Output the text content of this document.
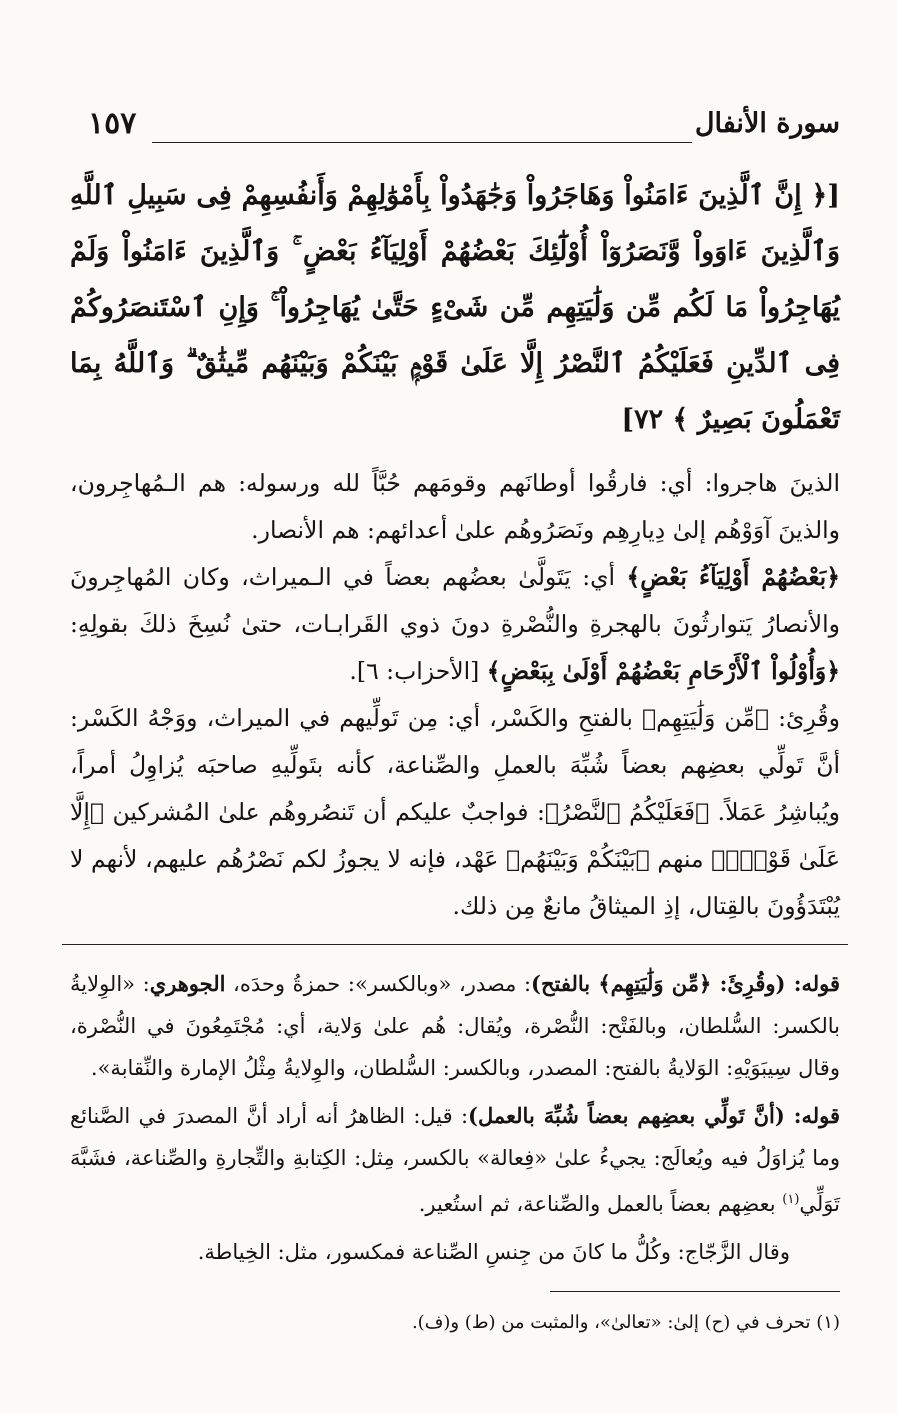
سورة الأنفال
١٥٧
[﴿ إِنَّ ٱلَّذِينَ ءَامَنُواْ وَهَاجَرُواْ وَجَٰهَدُواْ بِأَمْوَٰلِهِمْ وَأَنفُسِهِمْ فِى سَبِيلِ ٱللَّهِ وَٱلَّذِينَ ءَاوَواْ وَّنَصَرُوٓاْ أُوْلَٰٓئِكَ بَعْضُهُمْ أَوْلِيَآءُ بَعْضٍ ۚ وَٱلَّذِينَ ءَامَنُواْ وَلَمْ يُهَاجِرُواْ مَا لَكُم مِّن وَلَٰيَتِهِم مِّن شَىْءٍ حَتَّىٰ يُهَاجِرُواْ ۚ وَإِنِ ٱسْتَنصَرُوكُمْ فِى ٱلدِّينِ فَعَلَيْكُمُ ٱلنَّصْرُ إِلَّا عَلَىٰ قَوْمٍۭ بَيْنَكُمْ وَبَيْنَهُم مِّيثَٰقٌ ۗ وَٱللَّهُ بِمَا تَعْمَلُونَ بَصِيرٌ ﴾ ٧٢]

الذينَ هاجروا: أي: فارقُوا أوطانَهم وقومَهم حُبَّاً لله ورسوله: هم الـمُهاجِرون، والذينَ آوَوْهُم إلىٰ دِيارِهِم ونَصَرُوهُم علىٰ أعدائهم: هم الأنصار.

﴿بَعْضُهُمْ أَوْلِيَآءُ بَعْضٍ﴾ أي: يَتَولَّىٰ بعضُهم بعضاً في الـميراث، وكان المُهاجِرونَ والأنصارُ يَتوارثُونَ بالهجرةِ والنُّصْرةِ دونَ ذوي القَرابـات، حتىٰ نُسِخَ ذلكَ بقولِهِ: ﴿وَأُوْلُواْ ٱلْأَرْحَامِ بَعْضُهُمْ أَوْلَىٰ بِبَعْضٍ﴾ [الأحزاب: ٦].

وقُرِئ: ﴿مِّن وَلَٰيَتِهِم﴾ بالفتحِ والكَسْر، أي: مِن تَولِّيهم في الميراث، ووَجْهُ الكَسْر: أنَّ تَولِّي بعضِهم بعضاً شُبِّهَ بالعملِ والصِّناعة، كأنه بتَولِّيهِ صاحبَه يُزاوِلُ أمراً، ويُباشِرُ عَمَلاً. ﴿فَعَلَيْكُمُ ٱلنَّصْرُ﴾: فواجبٌ عليكم أن تَنصُروهُم علىٰ المُشركين ﴿إِلَّا عَلَىٰ قَوْمٍۭ﴾ منهم ﴿بَيْنَكُمْ وَبَيْنَهُم﴾ عَهْد، فإنه لا يجوزُ لكم نَصْرُهُم عليهم، لأنهم لا يُبْتَدَؤُونَ بالقِتال، إذِ الميثاقُ مانعٌ مِن ذلك.

قوله: (وقُرِئَ: ﴿مِّن وَلَٰيَتِهِم﴾ بالفتح): مصدر، «وبالكسر»: حمزةُ وحدَه، الجوهري: «الوِلايةُ بالكسر: السُّلطان، وبالفَتْح: النُّصْرة، ويُقال: هُم علىٰ وَلاية، أي: مُجْتَمِعُونَ في النُّصْرة، وقال سِيبَوَيْهِ: الوَلايةُ بالفتح: المصدر، وبالكسر: السُّلطان، والوِلايةُ مِثْلُ الإمارة والنِّقابة».

قوله: (أنَّ تَولِّي بعضِهم بعضاً شُبِّهَ بالعمل): قيل: الظاهرُ أنه أراد أنَّ المصدرَ في الصَّنائع وما يُزاوَلُ فيه ويُعالَج: يجيءُ علىٰ «فِعالة» بالكسر، مِثل: الكِتابةِ والتِّجارةِ والصِّناعة، فشَبَّهَ تَوَلِّي$^{(١)}$ بعضِهم بعضاً بالعمل والصِّناعة، ثم استُعير.

وقال الزَّجّاج: وكُلُّ ما كانَ من جِنسِ الصِّناعة فمكسور، مثل: الخِياطة.

(١) تحرف في (ح) إلىٰ: «تعالىٰ»، والمثبت من (ط) و(ف).
